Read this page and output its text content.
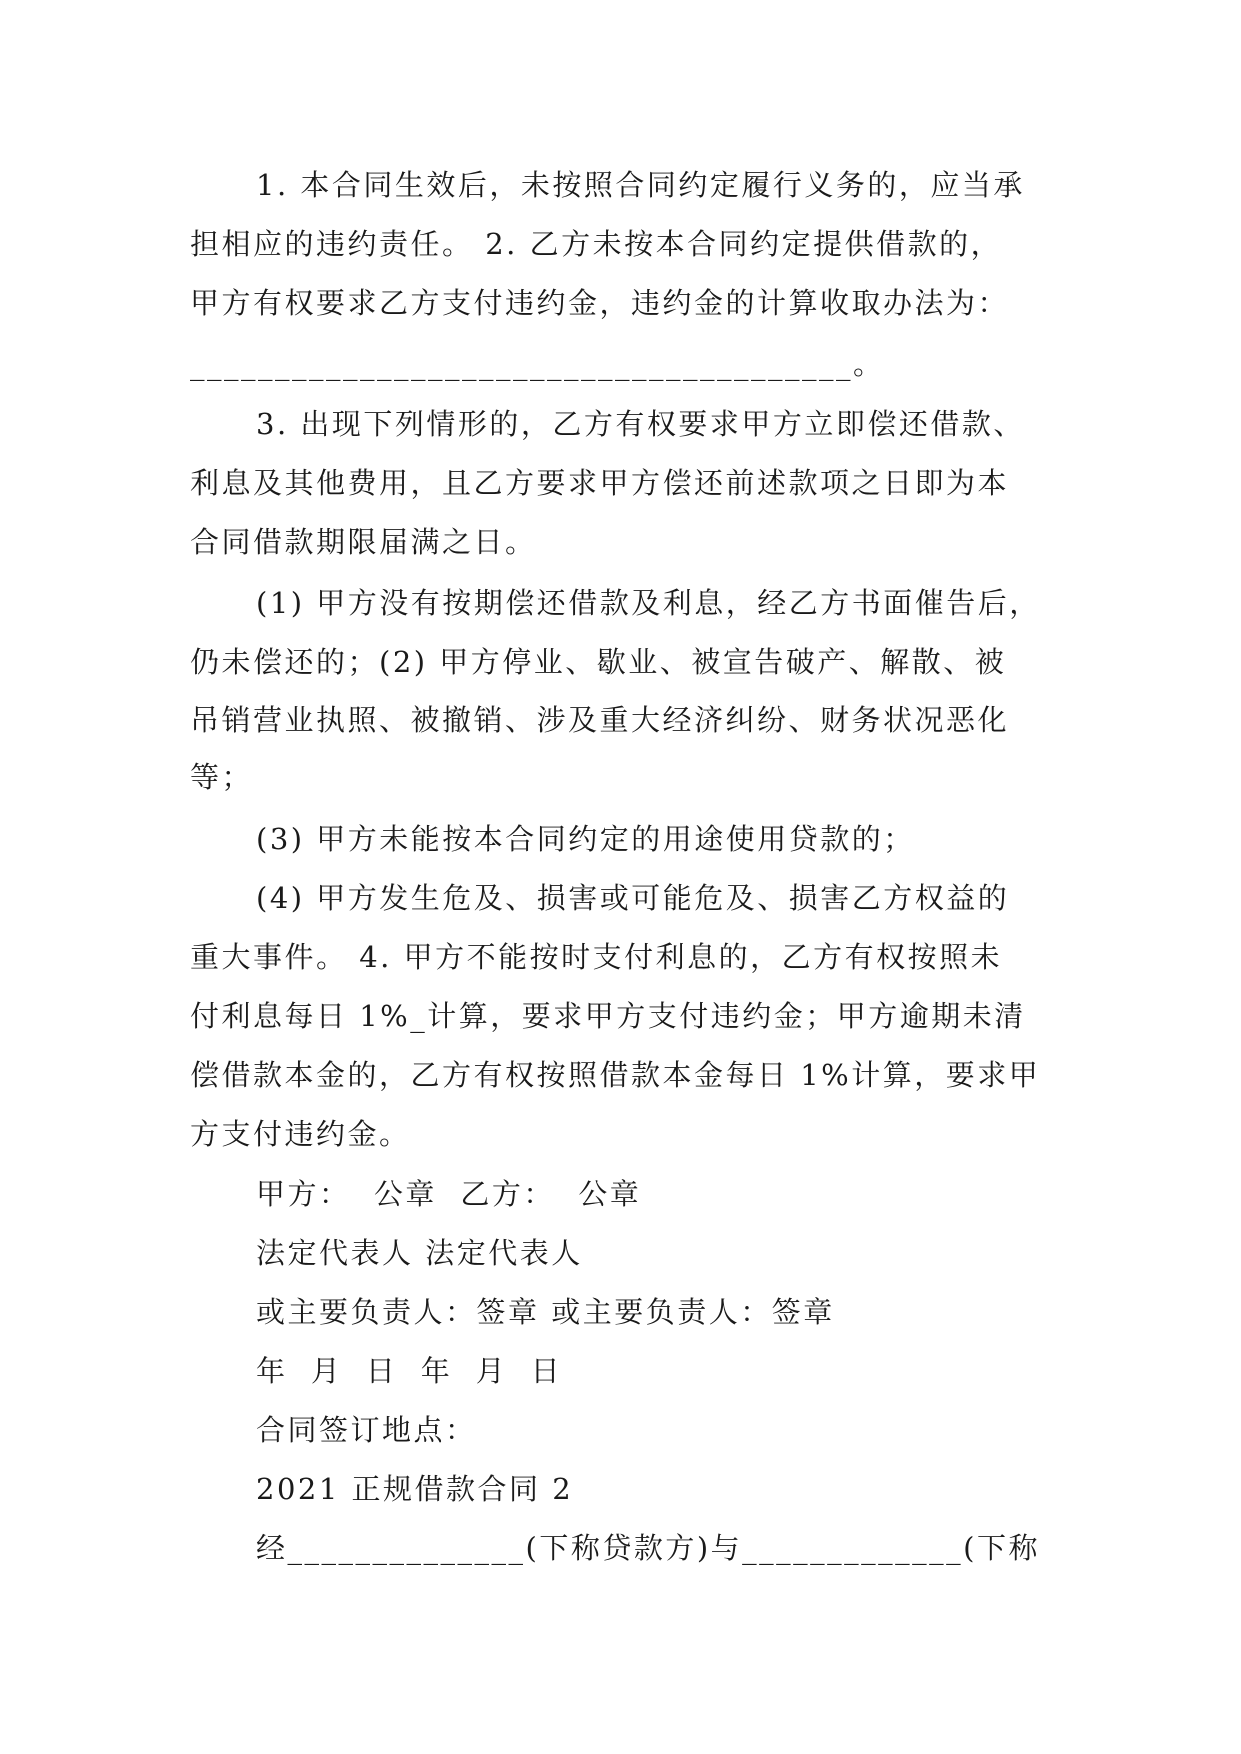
1. 本合同生效后，未按照合同约定履行义务的，应当承
担相应的违约责任。 2. 乙方未按本合同约定提供借款的，
甲方有权要求乙方支付违约金，违约金的计算收取办法为：
_______________________________________。
3. 出现下列情形的，乙方有权要求甲方立即偿还借款、
利息及其他费用，且乙方要求甲方偿还前述款项之日即为本
合同借款期限届满之日。
(1) 甲方没有按期偿还借款及利息，经乙方书面催告后，
仍未偿还的；(2) 甲方停业、歇业、被宣告破产、解散、被
吊销营业执照、被撤销、涉及重大经济纠纷、财务状况恶化
等；
(3) 甲方未能按本合同约定的用途使用贷款的；
(4) 甲方发生危及、损害或可能危及、损害乙方权益的
重大事件。 4. 甲方不能按时支付利息的，乙方有权按照未
付利息每日 1%_计算，要求甲方支付违约金；甲方逾期未清
偿借款本金的，乙方有权按照借款本金每日 1%计算，要求甲
方支付违约金。
甲方：  公章  乙方：  公章
法定代表人 法定代表人
或主要负责人：签章 或主要负责人：签章
年  月  日  年  月  日
合同签订地点：
2021 正规借款合同 2
经______________(下称贷款方)与_____________(下称
